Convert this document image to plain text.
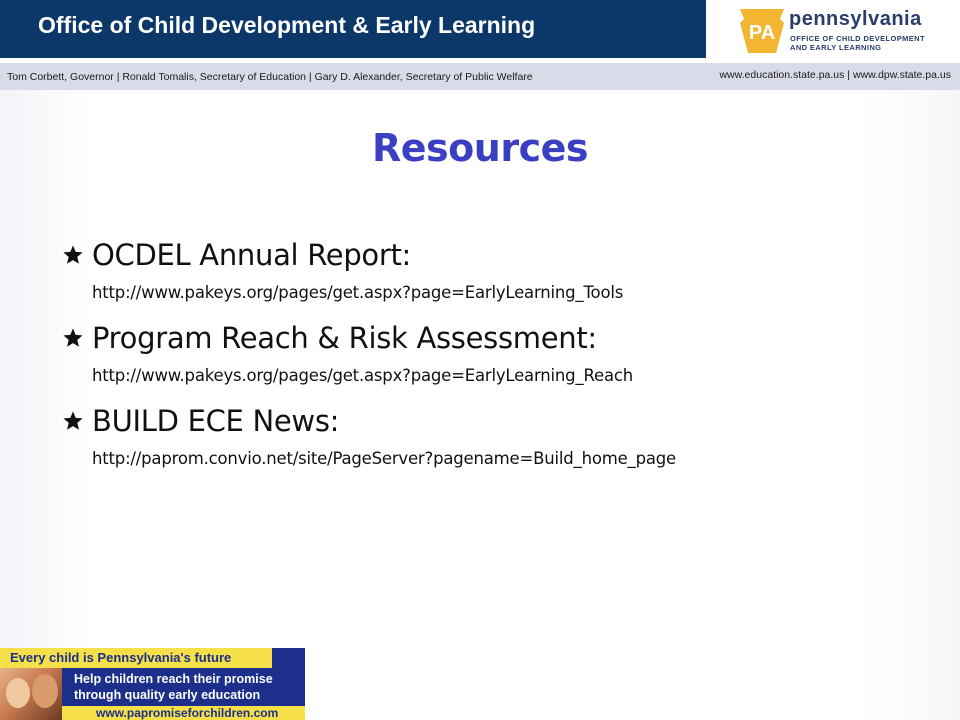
Office of Child Development & Early Learning	PA
pennsylvania
OFFICE OF CHILD DEVELOPMENT
AND EARLY LEARNING
Tom Corbett, Governor | Ronald Tomalis, Secretary of Education | Gary D. Alexander, Secretary of Public Welfare	www.education.state.pa.us | www.dpw.state.pa.us
Resources
OCDEL Annual Report:
http://www.pakeys.org/pages/get.aspx?page=EarlyLearning_Tools
Program Reach & Risk Assessment:
http://www.pakeys.org/pages/get.aspx?page=EarlyLearning_Reach
BUILD ECE News:
http://paprom.convio.net/site/PageServer?pagename=Build_home_page
Every child is Pennsylvania's future
Help children reach their promise
through quality early education
www.papromiseforchildren.com
